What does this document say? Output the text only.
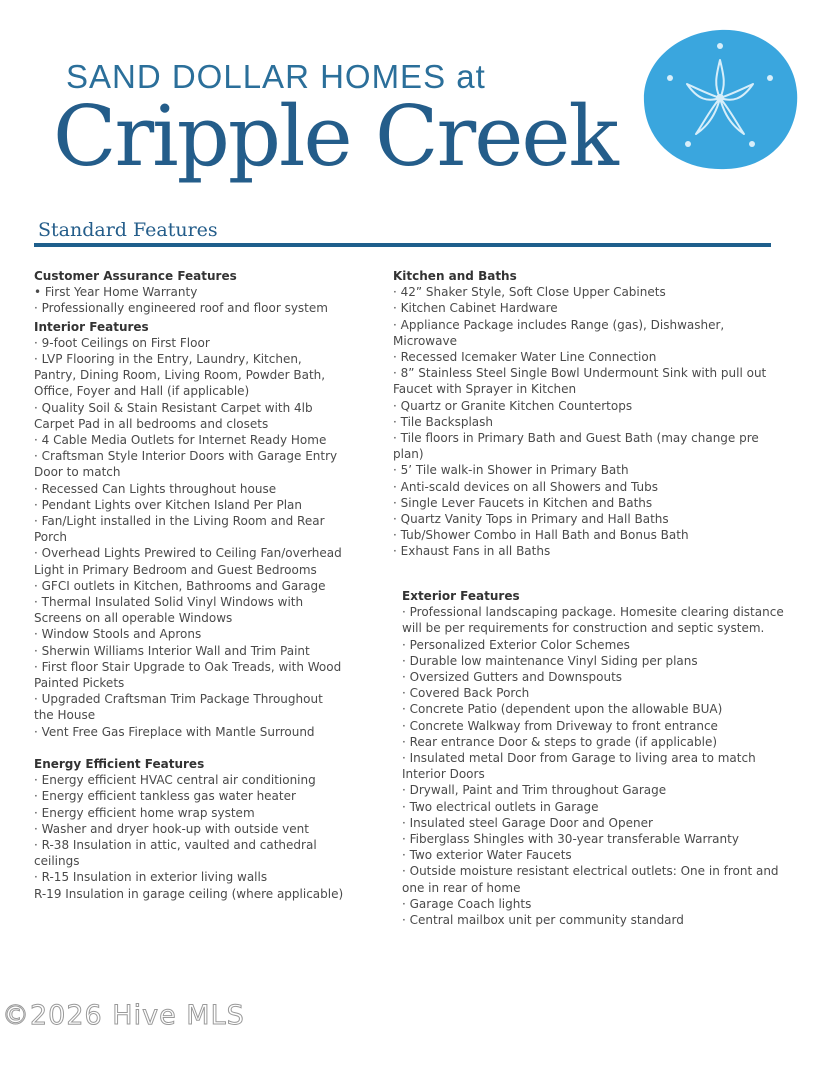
SAND DOLLAR HOMES at
Cripple Creek
Standard Features
Customer Assurance Features
• First Year Home Warranty
· Professionally engineered roof and floor system
Interior Features
· 9-foot Ceilings on First Floor
· LVP Flooring in the Entry, Laundry, Kitchen, Pantry, Dining Room, Living Room, Powder Bath, Office, Foyer and Hall (if applicable)
· Quality Soil & Stain Resistant Carpet with 4lb Carpet Pad in all bedrooms and closets
· 4 Cable Media Outlets for Internet Ready Home
· Craftsman Style Interior Doors with Garage Entry Door to match
· Recessed Can Lights throughout house
· Pendant Lights over Kitchen Island Per Plan
· Fan/Light installed in the Living Room and Rear Porch
· Overhead Lights Prewired to Ceiling Fan/overhead Light in Primary Bedroom and Guest Bedrooms
· GFCI outlets in Kitchen, Bathrooms and Garage
· Thermal Insulated Solid Vinyl Windows with Screens on all operable Windows
· Window Stools and Aprons
· Sherwin Williams Interior Wall and Trim Paint
· First floor Stair Upgrade to Oak Treads, with Wood Painted Pickets
· Upgraded Craftsman Trim Package Throughout the House
· Vent Free Gas Fireplace with Mantle Surround
Energy Efficient Features
· Energy efficient HVAC central air conditioning
· Energy efficient tankless gas water heater
· Energy efficient home wrap system
· Washer and dryer hook-up with outside vent
· R-38 Insulation in attic, vaulted and cathedral ceilings
· R-15 Insulation in exterior living walls
R-19 Insulation in garage ceiling (where applicable)
Kitchen and Baths
· 42” Shaker Style, Soft Close Upper Cabinets
· Kitchen Cabinet Hardware
· Appliance Package includes Range (gas), Dishwasher, Microwave
· Recessed Icemaker Water Line Connection
· 8” Stainless Steel Single Bowl Undermount Sink with pull out Faucet with Sprayer in Kitchen
· Quartz or Granite Kitchen Countertops
· Tile Backsplash
· Tile floors in Primary Bath and Guest Bath (may change pre plan)
· 5’ Tile walk-in Shower in Primary Bath
· Anti-scald devices on all Showers and Tubs
· Single Lever Faucets in Kitchen and Baths
· Quartz Vanity Tops in Primary and Hall Baths
· Tub/Shower Combo in Hall Bath and Bonus Bath
· Exhaust Fans in all Baths
Exterior Features
· Professional landscaping package. Homesite clearing distance will be per requirements for construction and septic system.
· Personalized Exterior Color Schemes
· Durable low maintenance Vinyl Siding per plans
· Oversized Gutters and Downspouts
· Covered Back Porch
· Concrete Patio (dependent upon the allowable BUA)
· Concrete Walkway from Driveway to front entrance
· Rear entrance Door & steps to grade (if applicable)
· Insulated metal Door from Garage to living area to match Interior Doors
· Drywall, Paint and Trim throughout Garage
· Two electrical outlets in Garage
· Insulated steel Garage Door and Opener
· Fiberglass Shingles with 30-year transferable Warranty
· Two exterior Water Faucets
· Outside moisture resistant electrical outlets: One in front and one in rear of home
· Garage Coach lights
· Central mailbox unit per community standard
©2026 Hive MLS
